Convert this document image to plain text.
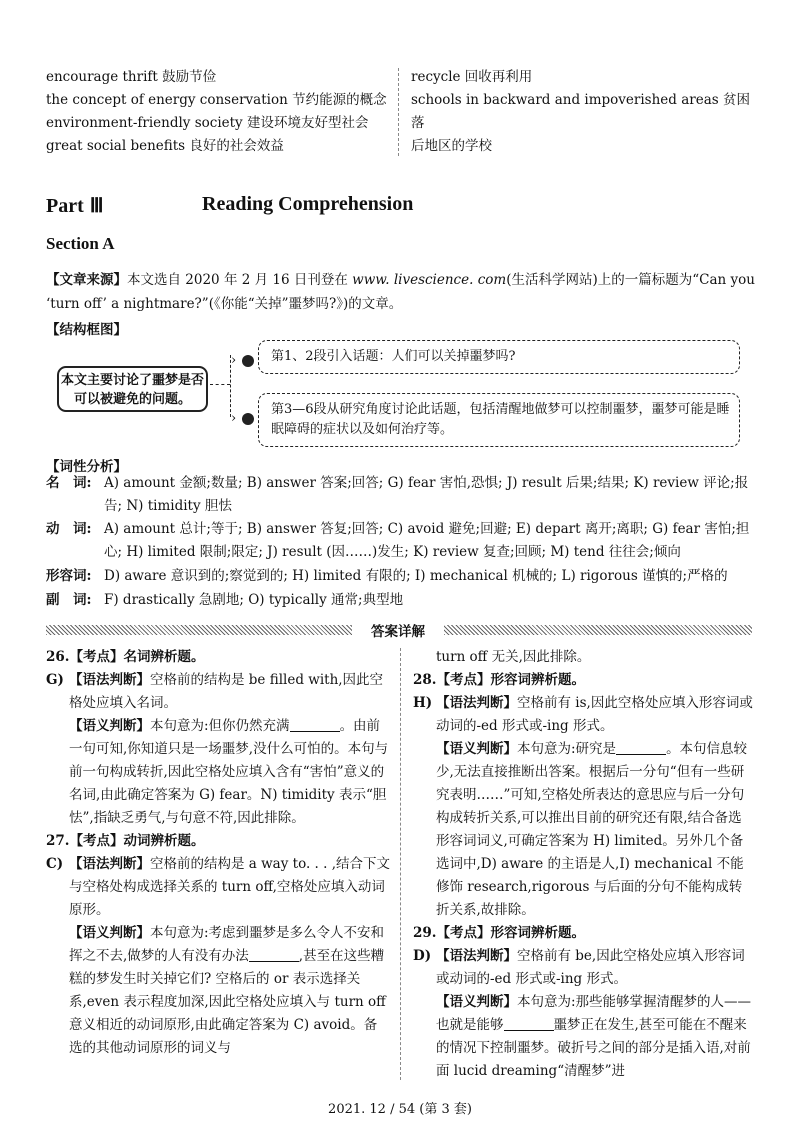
encourage thrift 鼓励节俭
the concept of energy conservation 节约能源的概念
environment-friendly society 建设环境友好型社会
great social benefits 良好的社会效益
recycle 回收再利用
schools in backward and impoverished areas 贫困落
后地区的学校
Part Ⅲ	Reading Comprehension
Section A
【文章来源】本文选自 2020 年 2 月 16 日刊登在 www. livescience. com(生活科学网站)上的一篇标题为“Can you ‘turn off’ a nightmare?”(《你能“关掉”噩梦吗?》)的文章。
【结构框图】
本文主要讨论了噩梦是否可以被避免的问题。
›
›
第1、2段引入话题：人们可以关掉噩梦吗?
第3—6段从研究角度讨论此话题，包括清醒地做梦可以控制噩梦，噩梦可能是睡眠障碍的症状以及如何治疗等。
【词性分析】
名　词: A) amount 金额;数量; B) answer 答案;回答; G) fear 害怕,恐惧; J) result 后果;结果; K) review 评论;报告; N) timidity 胆怯
动　词: A) amount 总计;等于; B) answer 答复;回答; C) avoid 避免;回避; E) depart 离开;离职; G) fear 害怕;担心; H) limited 限制;限定; J) result (因……)发生; K) review 复查;回顾; M) tend 往往会;倾向
形容词: D) aware 意识到的;察觉到的; H) limited 有限的; I) mechanical 机械的; L) rigorous 谨慎的;严格的
副　词: F) drastically 急剧地; O) typically 通常;典型地
答案详解
26.【考点】名词辨析题。
G) 【语法判断】空格前的结构是 be filled with,因此空格处应填入名词。
【语义判断】本句意为:但你仍然充满	。由前一句可知,你知道只是一场噩梦,没什么可怕的。本句与前一句构成转折,因此空格处应填入含有“害怕”意义的名词,由此确定答案为 G) fear。N) timidity 表示“胆怯”,指缺乏勇气,与句意不符,因此排除。
27.【考点】动词辨析题。
C) 【语法判断】空格前的结构是 a way to. . . ,结合下文与空格处构成选择关系的 turn off,空格处应填入动词原形。
【语义判断】本句意为:考虑到噩梦是多么令人不安和挥之不去,做梦的人有没有办法	,甚至在这些糟糕的梦发生时关掉它们? 空格后的 or 表示选择关系,even 表示程度加深,因此空格处应填入与 turn off 意义相近的动词原形,由此确定答案为 C) avoid。备选的其他动词原形的词义与
turn off 无关,因此排除。
28.【考点】形容词辨析题。
H) 【语法判断】空格前有 is,因此空格处应填入形容词或动词的-ed 形式或-ing 形式。
【语义判断】本句意为:研究是	。本句信息较少,无法直接推断出答案。根据后一分句“但有一些研究表明……”可知,空格处所表达的意思应与后一分句构成转折关系,可以推出目前的研究还有限,结合备选形容词词义,可确定答案为 H) limited。另外几个备选词中,D) aware 的主语是人,I) mechanical 不能修饰 research,rigorous 与后面的分句不能构成转折关系,故排除。
29.【考点】形容词辨析题。
D) 【语法判断】空格前有 be,因此空格处应填入形容词或动词的-ed 形式或-ing 形式。
【语义判断】本句意为:那些能够掌握清醒梦的人——也就是能够	噩梦正在发生,甚至可能在不醒来的情况下控制噩梦。破折号之间的部分是插入语,对前面 lucid dreaming“清醒梦”进
2021. 12 / 54 (第 3 套)
